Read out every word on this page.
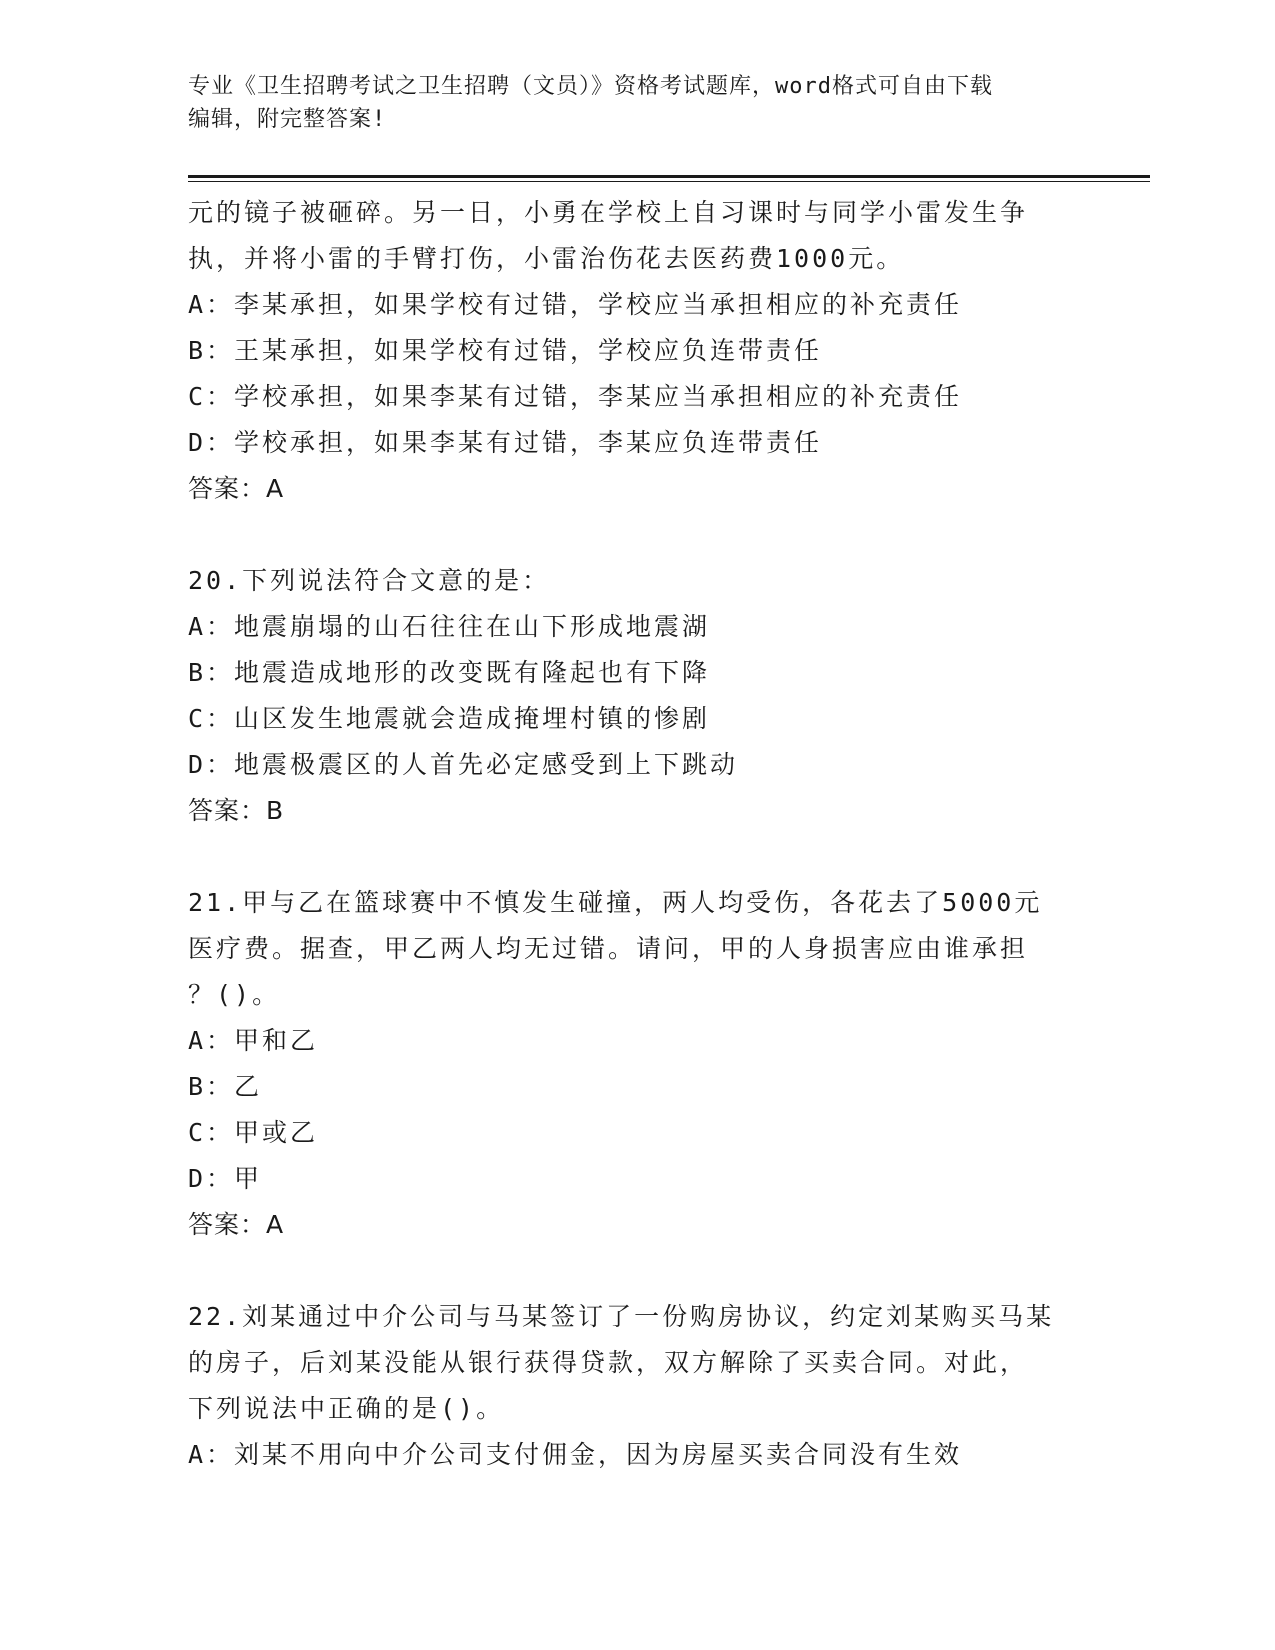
专业《卫生招聘考试之卫生招聘（文员）》资格考试题库，word格式可自由下载
编辑，附完整答案!
元的镜子被砸碎。另一日，小勇在学校上自习课时与同学小雷发生争
执，并将小雷的手臂打伤，小雷治伤花去医药费1000元。
A：李某承担，如果学校有过错，学校应当承担相应的补充责任
B：王某承担，如果学校有过错，学校应负连带责任
C：学校承担，如果李某有过错，李某应当承担相应的补充责任
D：学校承担，如果李某有过错，李某应负连带责任
答案：A
20.下列说法符合文意的是：
A：地震崩塌的山石往往在山下形成地震湖
B：地震造成地形的改变既有隆起也有下降
C：山区发生地震就会造成掩埋村镇的惨剧
D：地震极震区的人首先必定感受到上下跳动
答案：B
21.甲与乙在篮球赛中不慎发生碰撞，两人均受伤，各花去了5000元
医疗费。据查，甲乙两人均无过错。请问，甲的人身损害应由谁承担
？()。
A：甲和乙
B：乙
C：甲或乙
D：甲
答案：A
22.刘某通过中介公司与马某签订了一份购房协议，约定刘某购买马某
的房子，后刘某没能从银行获得贷款，双方解除了买卖合同。对此，
下列说法中正确的是()。
A：刘某不用向中介公司支付佣金，因为房屋买卖合同没有生效
